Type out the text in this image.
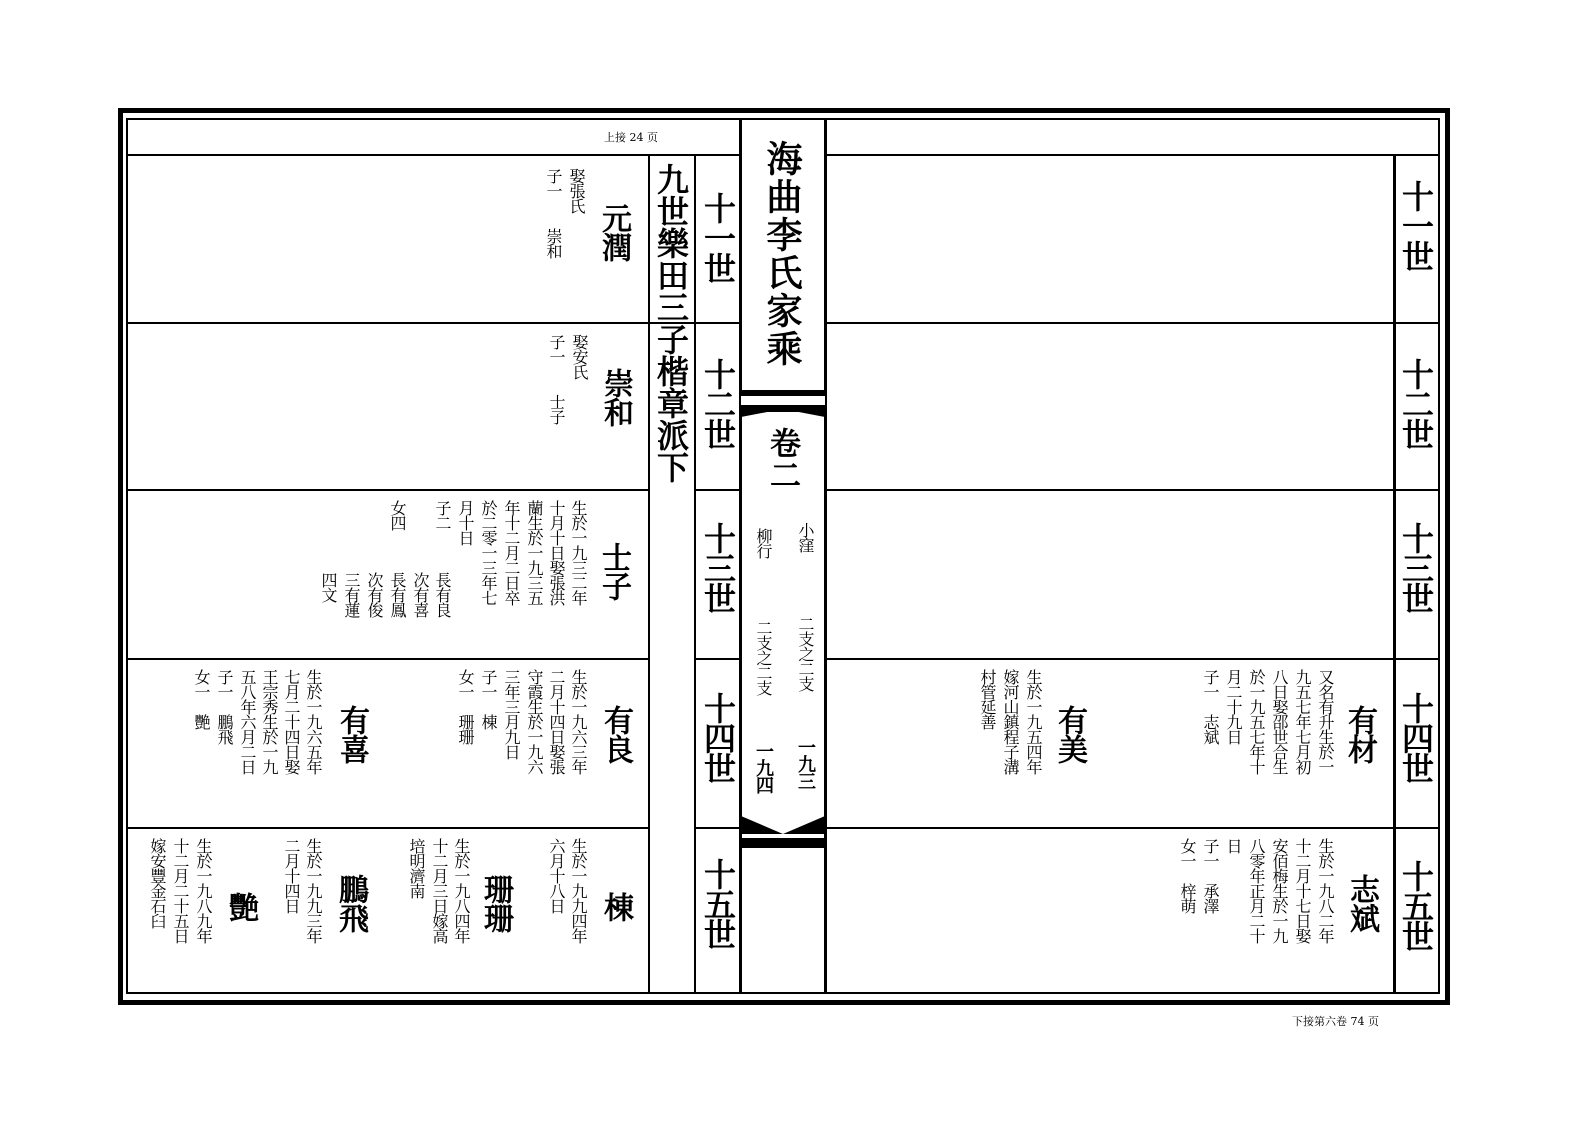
上接 24 页
下接第六卷 74 页
海曲李氏家乘
卷二
小窪
二支之二支
一九三
柳行
二支之二支
一九四
九世樂田三子楷章派下 十一世
十二世
十三世
十四世
十五世
十一世
十二世
十三世
十四世
十五世
元潤
娶張氏
子一　　崇和
崇和
娶安氏
子一　　士子
士子
生於一九三二年
十月十日娶張洪
蘭生於一九三五
年十二月二日卒
於二零一三年七
月十日
子二
女四
長有良
次有喜
長有鳳
次有俊
三有蓮
四文
有良
生於一九六三年
二月十四日娶張
守霞生於一九六
三年三月九日
子一　棟
女一　珊珊
有喜
生於一九六五年
七月二十四日娶
王宗秀生於一九
五八年六月二日
子一　鵬飛
女一　艷
棟
生於一九九四年
六月十八日
珊珊
生於一九八四年
十二月三日嫁高
培明濟南
鵬飛
生於一九九三年
二月十四日
艷
生於一九八九年
十二月二十五日
嫁安豐金石臼
有材
又名有升生於一
九五七年七月初
八日娶邵世合生
於一九五七年十
月二十九日
子一　志斌
有美
生於一九五四年
嫁河山鎮程子溝
村管延善
志斌
生於一九八二年
十二月十七日娶
安佰梅生於一九
八零年正月二十
日
子一　承澤
女一　梓萌
